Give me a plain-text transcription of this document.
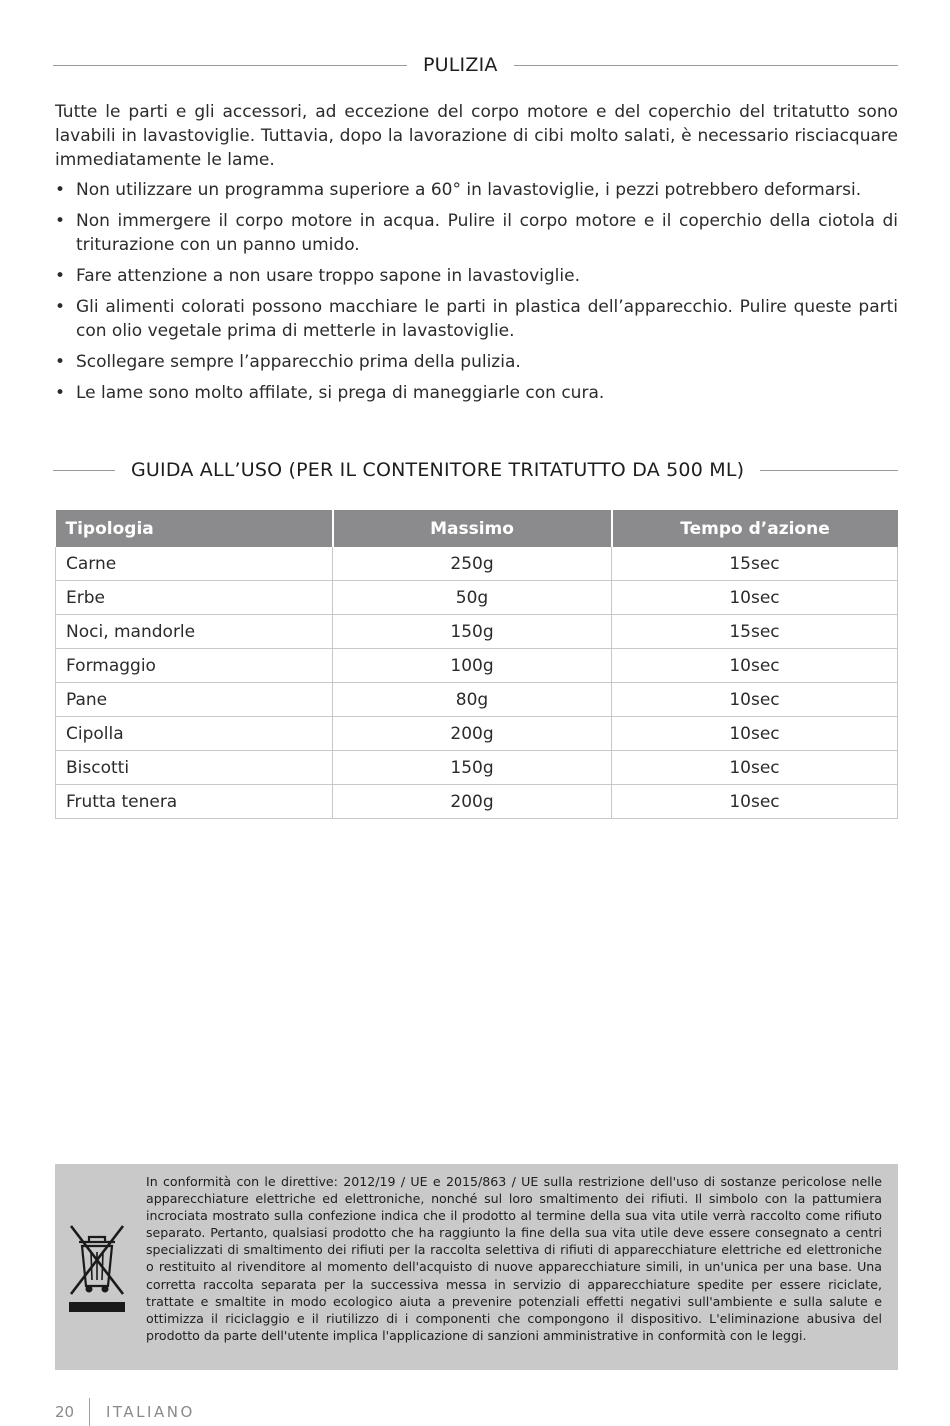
PULIZIA

Tutte le parti e gli accessori, ad eccezione del corpo motore e del coperchio del tritatutto sono lavabili in lavastoviglie. Tuttavia, dopo la lavorazione di cibi molto salati, è necessario risciacquare immediatamente le lame.

• Non utilizzare un programma superiore a 60° in lavastoviglie, i pezzi potrebbero deformarsi.
• Non immergere il corpo motore in acqua. Pulire il corpo motore e il coperchio della ciotola di triturazione con un panno umido.
• Fare attenzione a non usare troppo sapone in lavastoviglie.
• Gli alimenti colorati possono macchiare le parti in plastica dell’apparecchio. Pulire queste parti con olio vegetale prima di metterle in lavastoviglie.
• Scollegare sempre l’apparecchio prima della pulizia.
• Le lame sono molto affilate, si prega di maneggiarle con cura.
GUIDA ALL’USO (PER IL CONTENITORE TRITATUTTO DA 500 ML)
Tipologia	Massimo	Tempo d’azione
Carne	250g	15sec
Erbe	50g	10sec
Noci, mandorle	150g	15sec
Formaggio	100g	10sec
Pane	80g	10sec
Cipolla	200g	10sec
Biscotti	150g	10sec
Frutta tenera	200g	10sec

In conformità con le direttive: 2012/19 / UE e 2015/863 / UE sulla restrizione dell'uso di sostanze pericolose nelle apparecchiature elettriche ed elettroniche, nonché sul loro smaltimento dei rifiuti. Il simbolo con la pattumiera incrociata mostrato sulla confezione indica che il prodotto al termine della sua vita utile verrà raccolto come rifiuto separato. Pertanto, qualsiasi prodotto che ha raggiunto la fine della sua vita utile deve essere consegnato a centri specializzati di smaltimento dei rifiuti per la raccolta selettiva di rifiuti di apparecchiature elettriche ed elettroniche o restituito al rivenditore al momento dell'acquisto di nuove apparecchiature simili, in un'unica per una base. Una corretta raccolta separata per la successiva messa in servizio di apparecchiature spedite per essere riciclate, trattate e smaltite in modo ecologico aiuta a prevenire potenziali effetti negativi sull'ambiente e sulla salute e ottimizza il riciclaggio e il riutilizzo di i componenti che compongono il dispositivo. L'eliminazione abusiva del prodotto da parte dell'utente implica l'applicazione di sanzioni amministrative in conformità con le leggi.

20	ITALIANO
